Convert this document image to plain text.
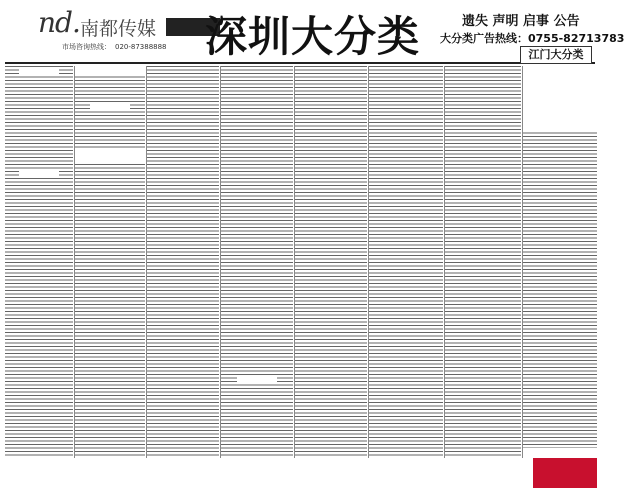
nd. 南都传媒
市场咨询热线： 020-87388888 深圳大分类	遗失 声明 启事 公告
大分类广告热线：0755-82713783
江门大分类
